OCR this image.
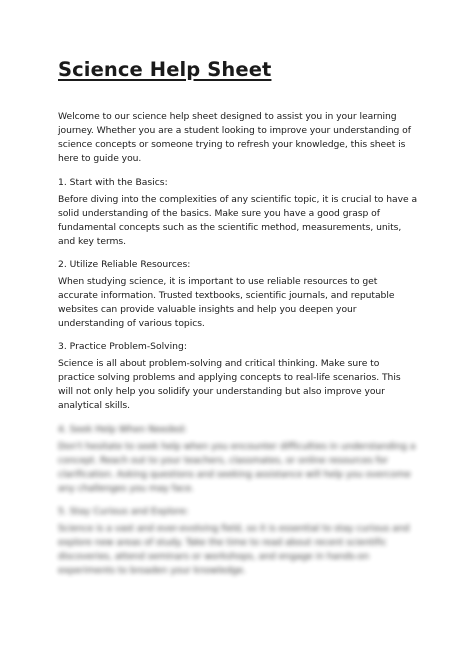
Science Help Sheet

Welcome to our science help sheet designed to assist you in your learning journey. Whether you are a student looking to improve your understanding of science concepts or someone trying to refresh your knowledge, this sheet is here to guide you.

1. Start with the Basics:

Before diving into the complexities of any scientific topic, it is crucial to have a solid understanding of the basics. Make sure you have a good grasp of fundamental concepts such as the scientific method, measurements, units, and key terms.

2. Utilize Reliable Resources:

When studying science, it is important to use reliable resources to get accurate information. Trusted textbooks, scientific journals, and reputable websites can provide valuable insights and help you deepen your understanding of various topics.

3. Practice Problem-Solving:

Science is all about problem-solving and critical thinking. Make sure to practice solving problems and applying concepts to real-life scenarios. This will not only help you solidify your understanding but also improve your analytical skills.

4. Seek Help When Needed:

Don't hesitate to seek help when you encounter difficulties in understanding a concept. Reach out to your teachers, classmates, or online resources for clarification. Asking questions and seeking assistance will help you overcome any challenges you may face.

5. Stay Curious and Explore:

Science is a vast and ever-evolving field, so it is essential to stay curious and explore new areas of study. Take the time to read about recent scientific discoveries, attend seminars or workshops, and engage in hands-on experiments to broaden your knowledge.
